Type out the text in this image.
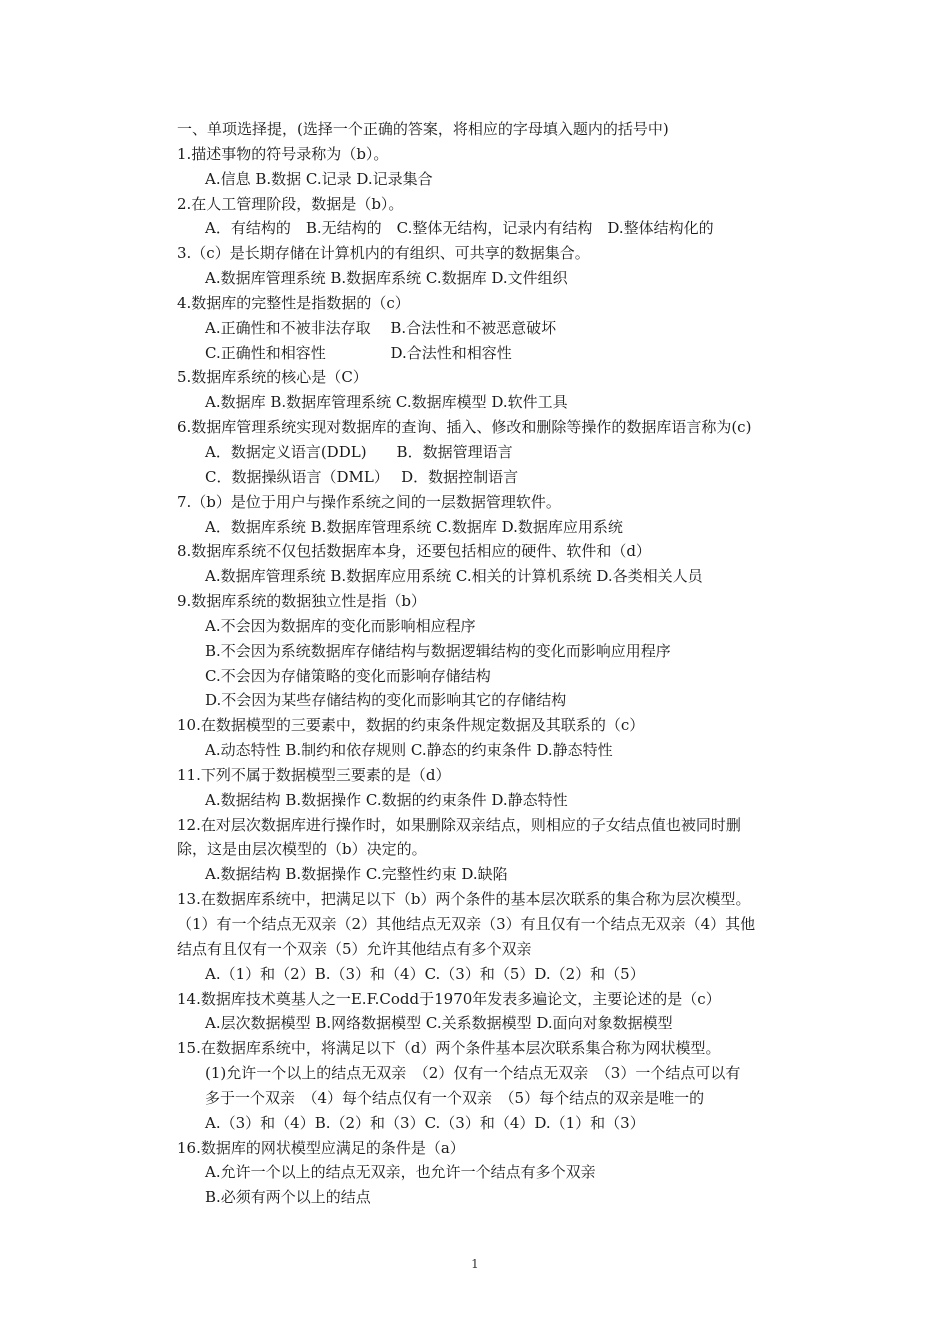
一、单项选择提，(选择一个正确的答案，将相应的字母填入题内的括号中)
1.描述事物的符号录称为（b）。
A.信息 B.数据 C.记录 D.记录集合
2.在人工管理阶段，数据是（b）。
A．有结构的　B.无结构的　C.整体无结构，记录内有结构　D.整体结构化的
3.（c）是长期存储在计算机内的有组织、可共享的数据集合。
A.数据库管理系统 B.数据库系统 C.数据库 D.文件组织
4.数据库的完整性是指数据的（c）
A.正确性和不被非法存取　 B.合法性和不被恶意破坏
C.正确性和相容性　　　　 D.合法性和相容性
5.数据库系统的核心是（C）
A.数据库 B.数据库管理系统 C.数据库模型 D.软件工具
6.数据库管理系统实现对数据库的查询、插入、修改和删除等操作的数据库语言称为(c)
A．数据定义语言(DDL)　　B．数据管理语言
C．数据操纵语言（DML）　 D．数据控制语言
7.（b）是位于用户与操作系统之间的一层数据管理软件。
A．数据库系统 B.数据库管理系统 C.数据库 D.数据库应用系统
8.数据库系统不仅包括数据库本身，还要包括相应的硬件、软件和（d）
A.数据库管理系统 B.数据库应用系统 C.相关的计算机系统 D.各类相关人员
9.数据库系统的数据独立性是指（b）
A.不会因为数据库的变化而影响相应程序
B.不会因为系统数据库存储结构与数据逻辑结构的变化而影响应用程序
C.不会因为存储策略的变化而影响存储结构
D.不会因为某些存储结构的变化而影响其它的存储结构
10.在数据模型的三要素中，数据的约束条件规定数据及其联系的（c）
A.动态特性 B.制约和依存规则 C.静态的约束条件 D.静态特性
11.下列不属于数据模型三要素的是（d）
A.数据结构 B.数据操作 C.数据的约束条件 D.静态特性
12.在对层次数据库进行操作时，如果删除双亲结点，则相应的子女结点值也被同时删
除，这是由层次模型的（b）决定的。
A.数据结构 B.数据操作 C.完整性约束 D.缺陷
13.在数据库系统中，把满足以下（b）两个条件的基本层次联系的集合称为层次模型。
（1）有一个结点无双亲（2）其他结点无双亲（3）有且仅有一个结点无双亲（4）其他
结点有且仅有一个双亲（5）允许其他结点有多个双亲
A.（1）和（2）B.（3）和（4）C.（3）和（5）D.（2）和（5）
14.数据库技术奠基人之一E.F.Codd于1970年发表多遍论文，主要论述的是（c）
A.层次数据模型 B.网络数据模型 C.关系数据模型 D.面向对象数据模型
15.在数据库系统中，将满足以下（d）两个条件基本层次联系集合称为网状模型。
(1)允许一个以上的结点无双亲　（2）仅有一个结点无双亲　（3）一个结点可以有
多于一个双亲　（4）每个结点仅有一个双亲　（5）每个结点的双亲是唯一的
A.（3）和（4）B.（2）和（3）C.（3）和（4）D.（1）和（3）
16.数据库的网状模型应满足的条件是（a）
A.允许一个以上的结点无双亲，也允许一个结点有多个双亲
B.必须有两个以上的结点
1
